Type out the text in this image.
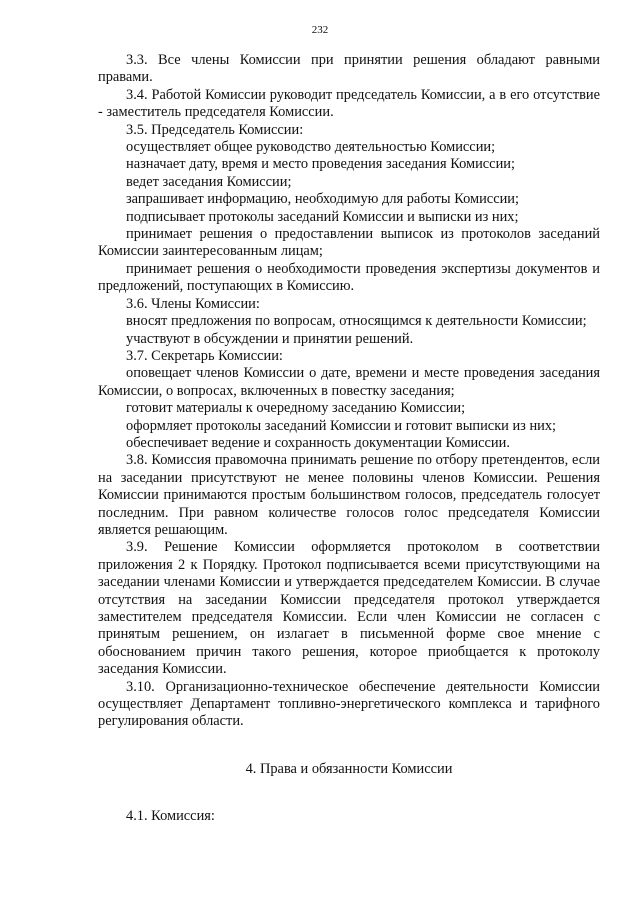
232

3.3. Все члены Комиссии при принятии решения обладают равными правами.

3.4. Работой Комиссии руководит председатель Комиссии, а в его отсутствие - заместитель председателя Комиссии.

3.5. Председатель Комиссии:

осуществляет общее руководство деятельностью Комиссии;

назначает дату, время и место проведения заседания Комиссии;

ведет заседания Комиссии;

запрашивает информацию, необходимую для работы Комиссии;

подписывает протоколы заседаний Комиссии и выписки из них;

принимает решения о предоставлении выписок из протоколов заседаний Комиссии заинтересованным лицам;

принимает решения о необходимости проведения экспертизы документов и предложений, поступающих в Комиссию.

3.6. Члены Комиссии:

вносят предложения по вопросам, относящимся к деятельности Комиссии;

участвуют в обсуждении и принятии решений.

3.7. Секретарь Комиссии:

оповещает членов Комиссии о дате, времени и месте проведения заседания Комиссии, о вопросах, включенных в повестку заседания;

готовит материалы к очередному заседанию Комиссии;

оформляет протоколы заседаний Комиссии и готовит выписки из них;

обеспечивает ведение и сохранность документации Комиссии.

3.8. Комиссия правомочна принимать решение по отбору претендентов, если на заседании присутствуют не менее половины членов Комиссии. Решения Комиссии принимаются простым большинством голосов, председатель голосует последним. При равном количестве голосов голос председателя Комиссии является решающим.

3.9. Решение Комиссии оформляется протоколом в соответствии приложения 2 к Порядку. Протокол подписывается всеми присутствующими на заседании членами Комиссии и утверждается председателем Комиссии. В случае отсутствия на заседании Комиссии председателя протокол утверждается заместителем председателя Комиссии. Если член Комиссии не согласен с принятым решением, он излагает в письменной форме свое мнение с обоснованием причин такого решения, которое приобщается к протоколу заседания Комиссии.

3.10. Организационно-техническое обеспечение деятельности Комиссии осуществляет Департамент топливно-энергетического комплекса и тарифного регулирования области.

4. Права и обязанности Комиссии

4.1. Комиссия:
